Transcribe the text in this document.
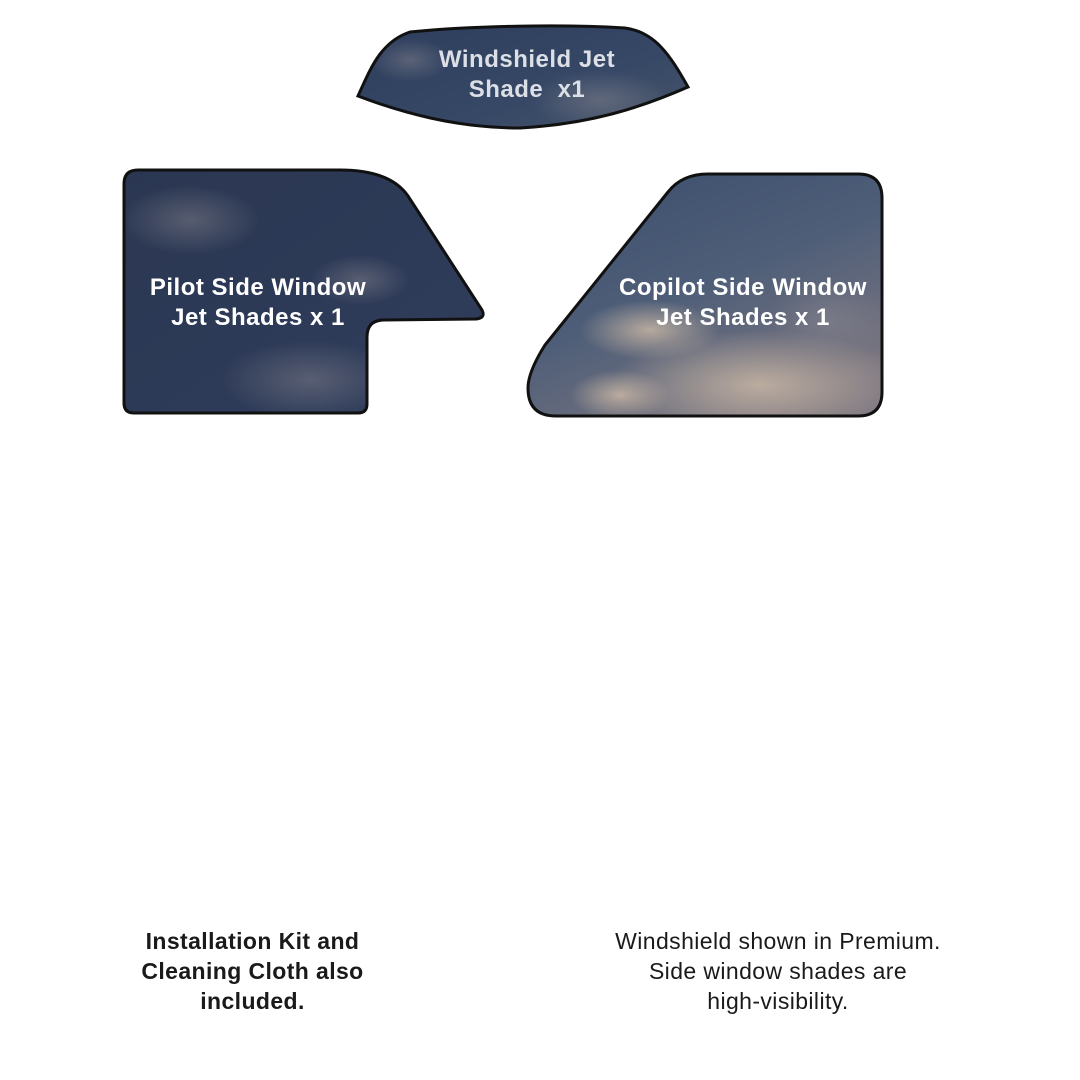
Windshield Jet
Shade  x1
Pilot Side Window
Jet Shades x 1
Copilot Side Window
Jet Shades x 1
Installation Kit and
Cleaning Cloth also
included.
Windshield shown in Premium.
Side window shades are
high-visibility.
